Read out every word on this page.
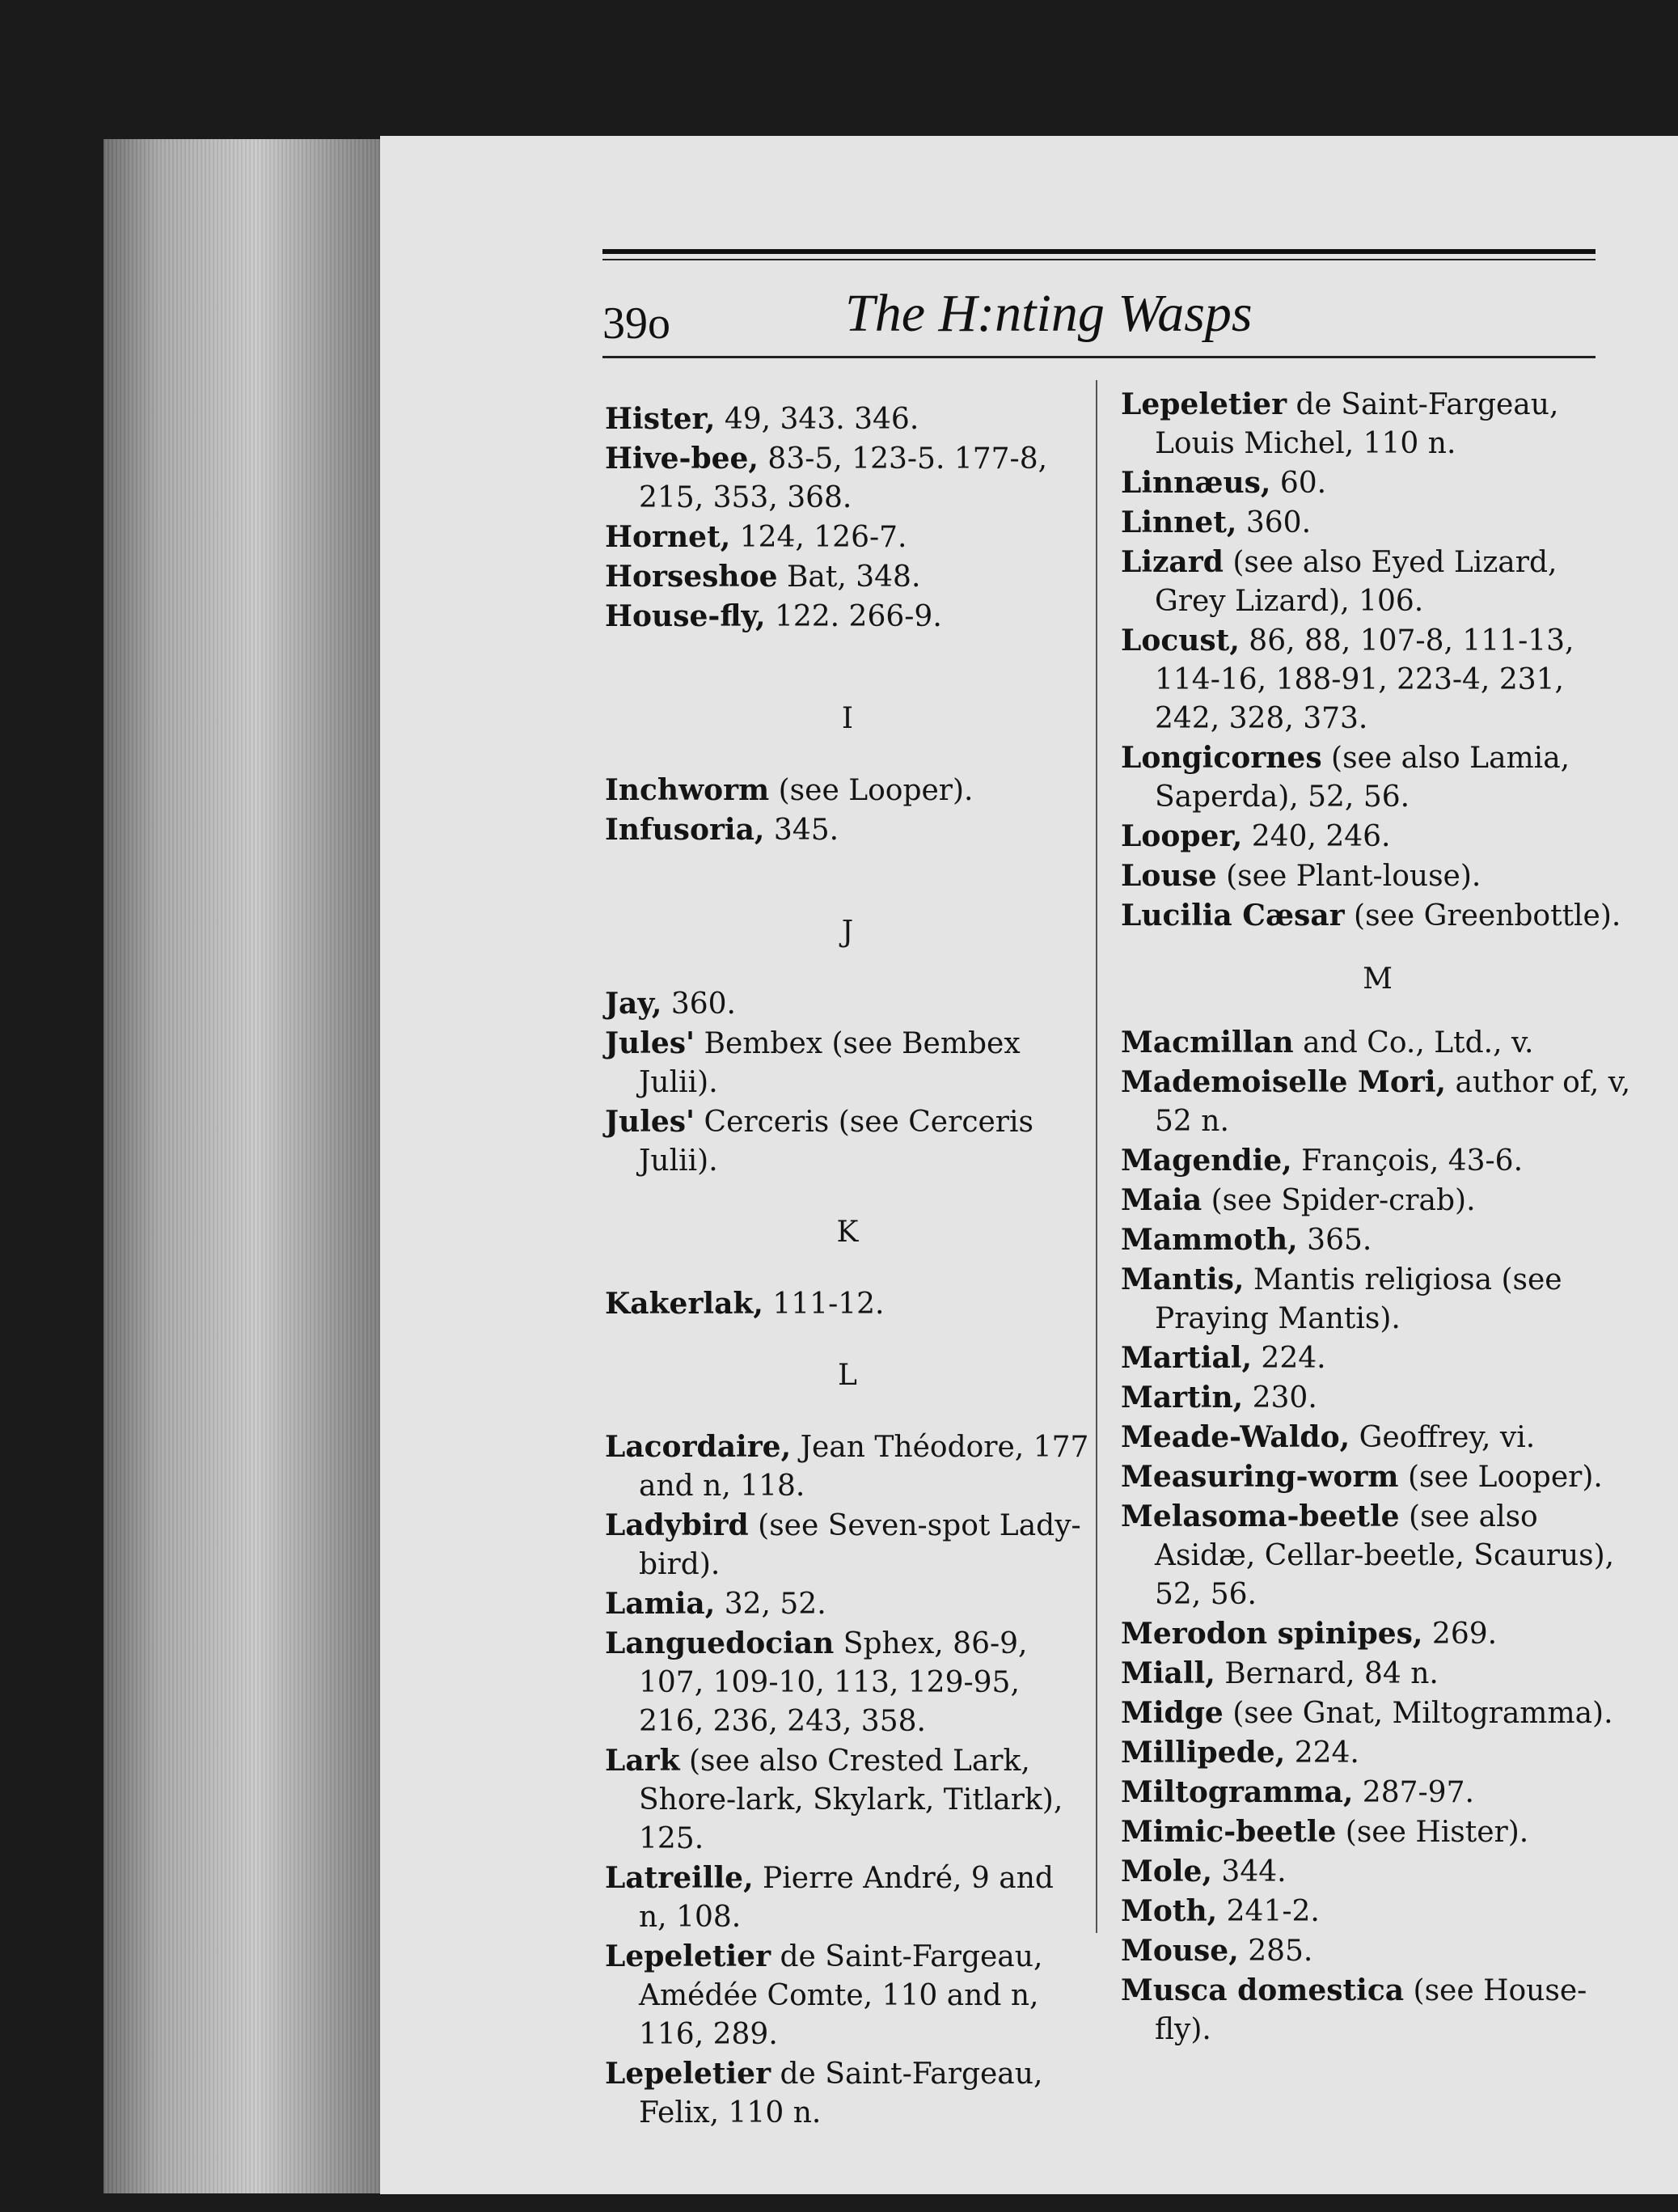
39o	The H:nting Wasps

Hister, 49, 343. 346.

Hive-bee, 83-5, 123-5. 177-8, 215, 353, 368.

Hornet, 124, 126-7.

Horseshoe Bat, 348.

House-fly, 122. 266-9.

I

Inchworm (see Looper).

Infusoria, 345.

J

Jay, 360.

Jules' Bembex (see Bembex Julii).

Jules' Cerceris (see Cerceris Julii).

K

Kakerlak, 111-12.

L

Lacordaire, Jean Théodore, 177 and n, 118.

Ladybird (see Seven-spot Lady-bird).

Lamia, 32, 52.

Languedocian Sphex, 86-9, 107, 109-10, 113, 129-95, 216, 236, 243, 358.

Lark (see also Crested Lark, Shore-lark, Skylark, Titlark), 125.

Latreille, Pierre André, 9 and n, 108.

Lepeletier de Saint-Fargeau, Amédée Comte, 110 and n, 116, 289.

Lepeletier de Saint-Fargeau, Felix, 110 n.

Lepeletier de Saint-Fargeau, Louis Michel, 110 n.

Linnæus, 60.

Linnet, 360.

Lizard (see also Eyed Lizard, Grey Lizard), 106.

Locust, 86, 88, 107-8, 111-13, 114-16, 188-91, 223-4, 231, 242, 328, 373.

Longicornes (see also Lamia, Saperda), 52, 56.

Looper, 240, 246.

Louse (see Plant-louse).

Lucilia Cæsar (see Greenbottle).

M

Macmillan and Co., Ltd., v.

Mademoiselle Mori, author of, v, 52 n.

Magendie, François, 43-6.

Maia (see Spider-crab).

Mammoth, 365.

Mantis, Mantis religiosa (see Praying Mantis).

Martial, 224.

Martin, 230.

Meade-Waldo, Geoffrey, vi.

Measuring-worm (see Looper).

Melasoma-beetle (see also Asidæ, Cellar-beetle, Scaurus), 52, 56.

Merodon spinipes, 269.

Miall, Bernard, 84 n.

Midge (see Gnat, Miltogramma).

Millipede, 224.

Miltogramma, 287-97.

Mimic-beetle (see Hister).

Mole, 344.

Moth, 241-2.

Mouse, 285.

Musca domestica (see House-fly).
